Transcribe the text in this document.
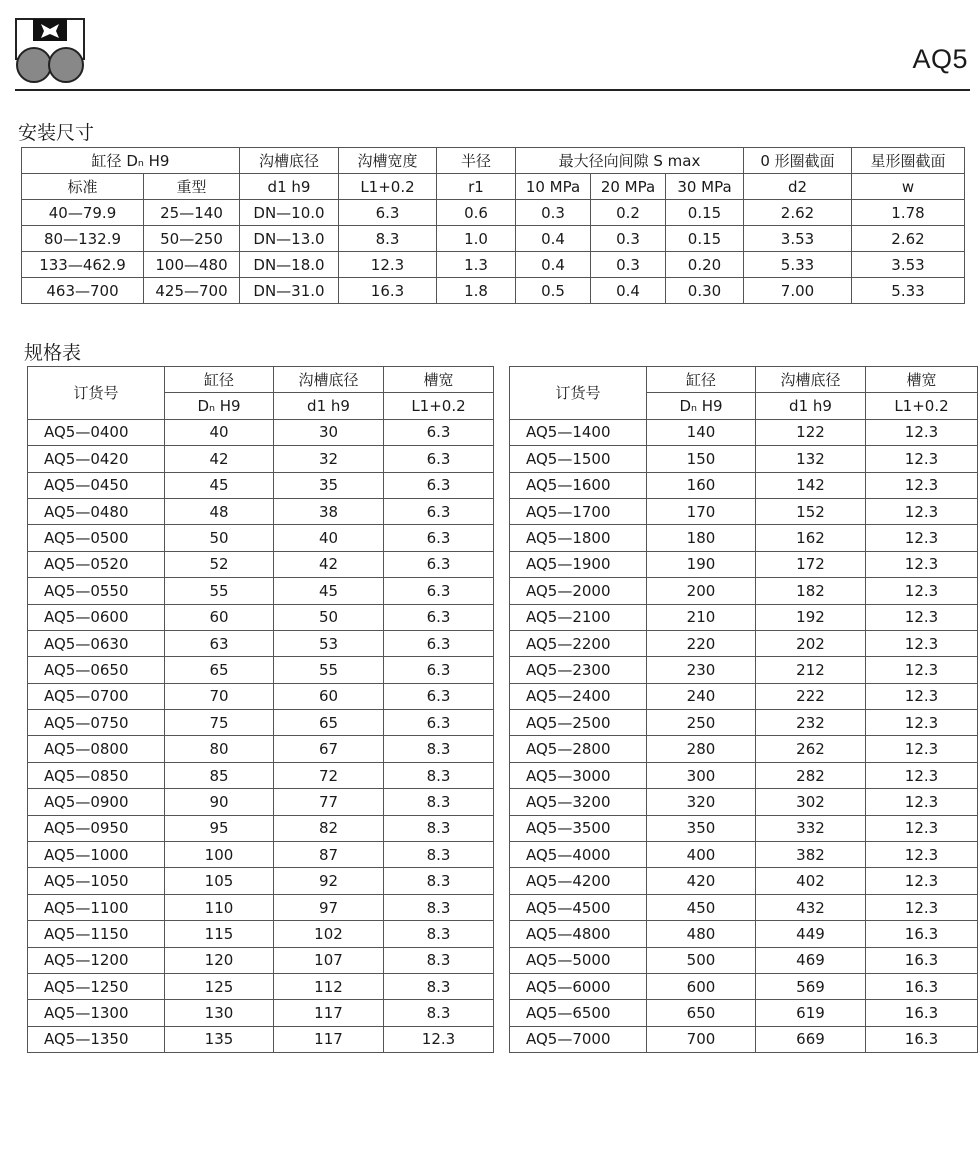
AQ5
安装尺寸
缸径 Dₙ H9		沟槽底径	沟槽宽度	半径	最大径向间隙 S max			0 形圈截面	星形圈截面
标准	重型	d1 h9	L1+0.2	r1	10 MPa	20 MPa	30 MPa	d2	w
40—79.9	25—140	DN—10.0	6.3	0.6	0.3	0.2	0.15	2.62	1.78
80—132.9	50—250	DN—13.0	8.3	1.0	0.4	0.3	0.15	3.53	2.62
133—462.9	100—480	DN—18.0	12.3	1.3	0.4	0.3	0.20	5.33	3.53
463—700	425—700	DN—31.0	16.3	1.8	0.5	0.4	0.30	7.00	5.33
规格表
订货号	缸径	沟槽底径	槽宽
	Dₙ H9	d1 h9	L1+0.2
AQ5—0400	40	30	6.3
AQ5—0420	42	32	6.3
AQ5—0450	45	35	6.3
AQ5—0480	48	38	6.3
AQ5—0500	50	40	6.3
AQ5—0520	52	42	6.3
AQ5—0550	55	45	6.3
AQ5—0600	60	50	6.3
AQ5—0630	63	53	6.3
AQ5—0650	65	55	6.3
AQ5—0700	70	60	6.3
AQ5—0750	75	65	6.3
AQ5—0800	80	67	8.3
AQ5—0850	85	72	8.3
AQ5—0900	90	77	8.3
AQ5—0950	95	82	8.3
AQ5—1000	100	87	8.3
AQ5—1050	105	92	8.3
AQ5—1100	110	97	8.3
AQ5—1150	115	102	8.3
AQ5—1200	120	107	8.3
AQ5—1250	125	112	8.3
AQ5—1300	130	117	8.3
AQ5—1350	135	117	12.3
订货号	缸径	沟槽底径	槽宽
	Dₙ H9	d1 h9	L1+0.2
AQ5—1400	140	122	12.3
AQ5—1500	150	132	12.3
AQ5—1600	160	142	12.3
AQ5—1700	170	152	12.3
AQ5—1800	180	162	12.3
AQ5—1900	190	172	12.3
AQ5—2000	200	182	12.3
AQ5—2100	210	192	12.3
AQ5—2200	220	202	12.3
AQ5—2300	230	212	12.3
AQ5—2400	240	222	12.3
AQ5—2500	250	232	12.3
AQ5—2800	280	262	12.3
AQ5—3000	300	282	12.3
AQ5—3200	320	302	12.3
AQ5—3500	350	332	12.3
AQ5—4000	400	382	12.3
AQ5—4200	420	402	12.3
AQ5—4500	450	432	12.3
AQ5—4800	480	449	16.3
AQ5—5000	500	469	16.3
AQ5—6000	600	569	16.3
AQ5—6500	650	619	16.3
AQ5—7000	700	669	16.3
